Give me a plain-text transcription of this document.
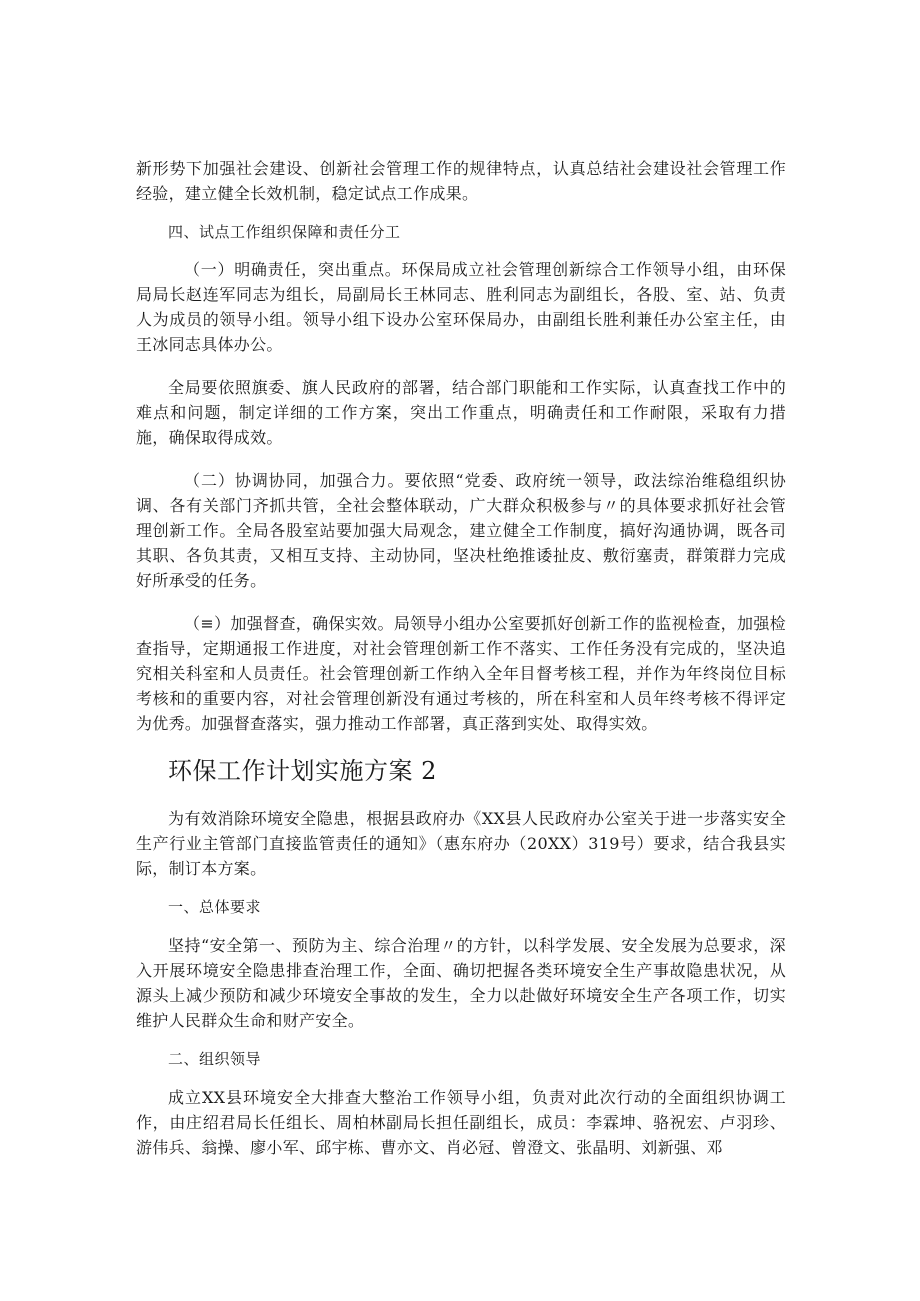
新形势下加强社会建设、创新社会管理工作的规律特点，认真总结社会建设社会管理工作经验，建立健全长效机制，稳定试点工作成果。

四、试点工作组织保障和责任分工

（一）明确责任，突出重点。环保局成立社会管理创新综合工作领导小组，由环保局局长赵连军同志为组长，局副局长王林同志、胜利同志为副组长，各股、室、站、负责人为成员的领导小组。领导小组下设办公室环保局办，由副组长胜利兼任办公室主任，由王冰同志具体办公。

全局要依照旗委、旗人民政府的部署，结合部门职能和工作实际，认真查找工作中的难点和问题，制定详细的工作方案，突出工作重点，明确责任和工作耐限，采取有力措施，确保取得成效。

（二）协调协同，加强合力。要依照“党委、政府统一领导，政法综治维稳组织协调、各有关部门齐抓共管，全社会整体联动，广大群众积极参与〃的具体要求抓好社会管理创新工作。全局各股室站要加强大局观念，建立健全工作制度，搞好沟通协调，既各司其职、各负其责，又相互支持、主动协同，坚决杜绝推诿扯皮、敷衍塞责，群策群力完成好所承受的任务。

（≡）加强督查，确保实效。局领导小组办公室要抓好创新工作的监视检查，加强检查指导，定期通报工作进度，对社会管理创新工作不落实、工作任务没有完成的，坚决追究相关科室和人员责任。社会管理创新工作纳入全年目督考核工程，并作为年终岗位目标考核和的重要内容，对社会管理创新没有通过考核的，所在科室和人员年终考核不得评定为优秀。加强督查落实，强力推动工作部署，真正落到实处、取得实效。

环保工作计划实施方案 2

为有效消除环境安全隐患，根据县政府办《XX县人民政府办公室关于进一步落实安全生产行业主管部门直接监管责任的通知》（惠东府办（20XX）319号）要求，结合我县实际，制订本方案。

一、总体要求

坚持“安全第一、预防为主、综合治理〃的方针，以科学发展、安全发展为总要求，深入开展环境安全隐患排查治理工作，全面、确切把握各类环境安全生产事故隐患状况，从源头上减少预防和减少环境安全事故的发生，全力以赴做好环境安全生产各项工作，切实维护人民群众生命和财产安全。

二、组织领导

成立XX县环境安全大排查大整治工作领导小组，负责对此次行动的全面组织协调工作，由庄绍君局长任组长、周柏林副局长担任副组长，成员：李霖坤、骆祝宏、卢羽珍、游伟兵、翁操、廖小军、邱宇栋、曹亦文、肖必冠、曾澄文、张晶明、刘新强、邓
